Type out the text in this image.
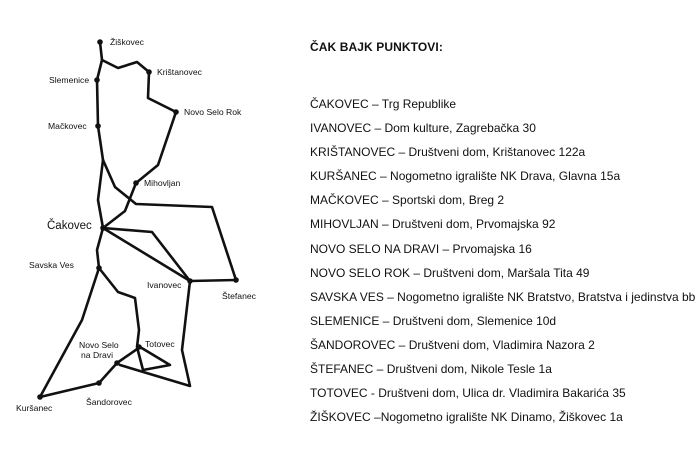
Žiškovec
Slemenice
Krištanovec
Mačkovec
Novo Selo Rok
Mihovljan
Čakovec
Savska Ves
Ivanovec
Štefanec
Novo Selo
na Dravi
Totovec
Kuršanec
Šandorovec
ČAK BAJK PUNKTOVI:
ČAKOVEC – Trg Republike
IVANOVEC – Dom kulture, Zagrebačka 30
KRIŠTANOVEC – Društveni dom, Krištanovec 122a
KURŠANEC – Nogometno igralište NK Drava, Glavna 15a
MAČKOVEC – Sportski dom, Breg 2
MIHOVLJAN – Društveni dom, Prvomajska 92
NOVO SELO NA DRAVI – Prvomajska 16
NOVO SELO ROK – Društveni dom, Maršala Tita 49
SAVSKA VES – Nogometno igralište NK Bratstvo, Bratstva i jedinstva bb
SLEMENICE – Društveni dom, Slemenice 10d
ŠANDOROVEC – Društveni dom, Vladimira Nazora 2
ŠTEFANEC – Društveni dom, Nikole Tesle 1a
TOTOVEC - Društveni dom, Ulica dr. Vladimira Bakarića 35
ŽIŠKOVEC –Nogometno igralište NK Dinamo, Žiškovec 1a
